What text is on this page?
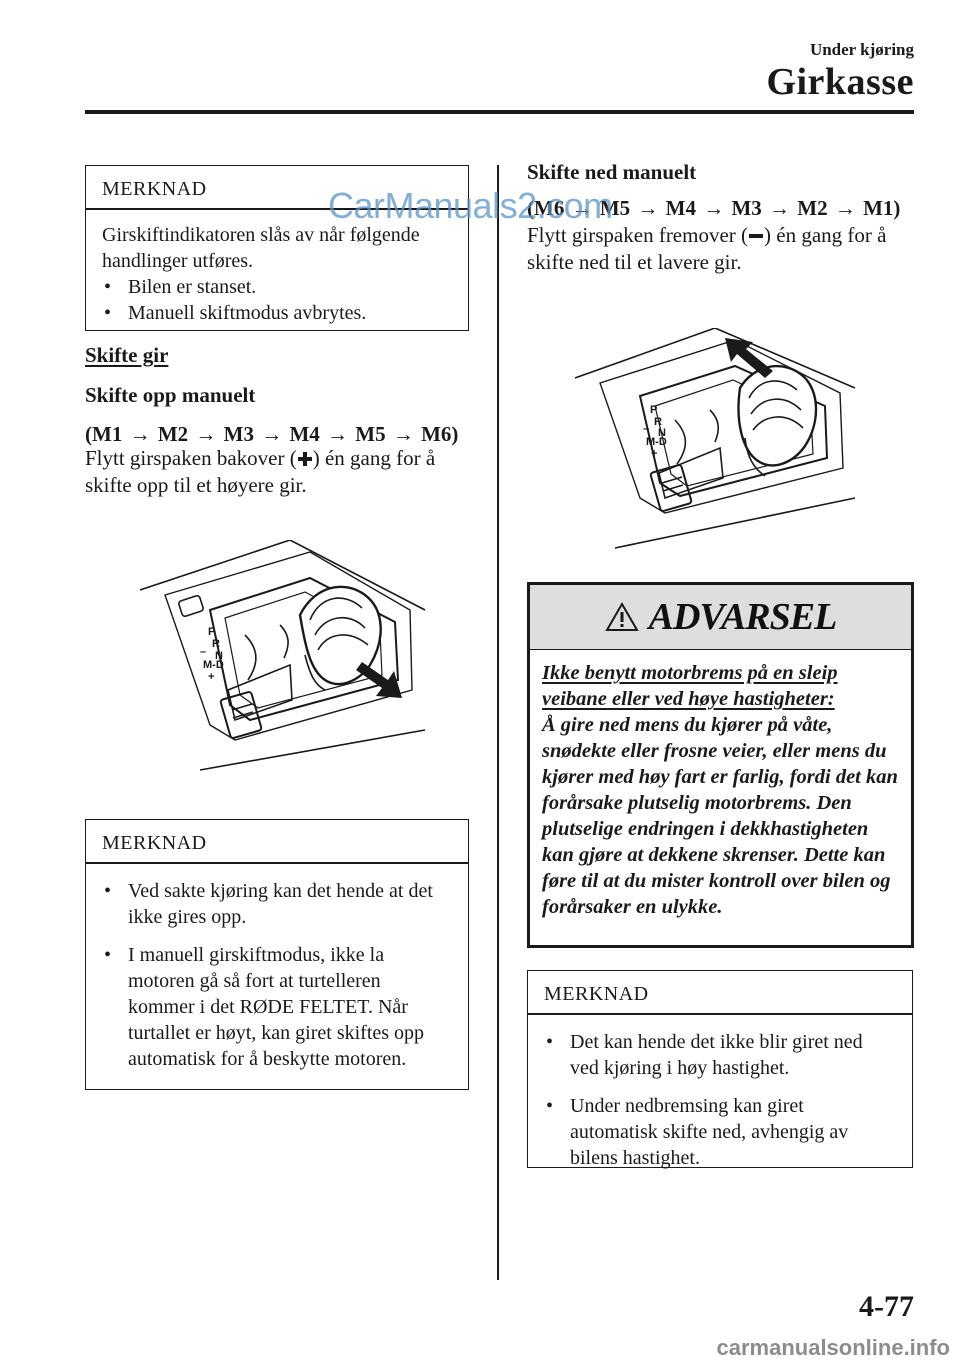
Under kjøring
Girkasse
MERKNAD

Girskiftindikatoren slås av når følgende handlinger utføres.

• Bilen er stanset.
• Manuell skiftmodus avbrytes.
Skifte gir
Skifte opp manuelt
(M1 → M2 → M3 → M4 → M5 → M6)
Flytt girspaken bakover ( ) én gang for å skifte opp til et høyere gir.
P
R
– N
M-D
+
MERKNAD
• Ved sakte kjøring kan det hende at det ikke gires opp.
• I manuell girskiftmodus, ikke la motoren gå så fort at turtelleren kommer i det RØDE FELTET. Når turtallet er høyt, kan giret skiftes opp automatisk for å beskytte motoren.
Skifte ned manuelt
(M6 → M5 → M4 → M3 → M2 → M1)
Flytt girspaken fremover ( ) én gang for å skifte ned til et lavere gir.
P
R
– N
M-D
+
ADVARSEL
Ikke benytt motorbrems på en sleip veibane eller ved høye hastigheter:
Å gire ned mens du kjører på våte, snødekte eller frosne veier, eller mens du kjører med høy fart er farlig, fordi det kan forårsake plutselig motorbrems. Den plutselige endringen i dekkhastigheten kan gjøre at dekkene skrenser. Dette kan føre til at du mister kontroll over bilen og forårsaker en ulykke.
MERKNAD
• Det kan hende det ikke blir giret ned ved kjøring i høy hastighet.
• Under nedbremsing kan giret automatisk skifte ned, avhengig av bilens hastighet.
CarManuals2.com
4-77
carmanualsonline.info
